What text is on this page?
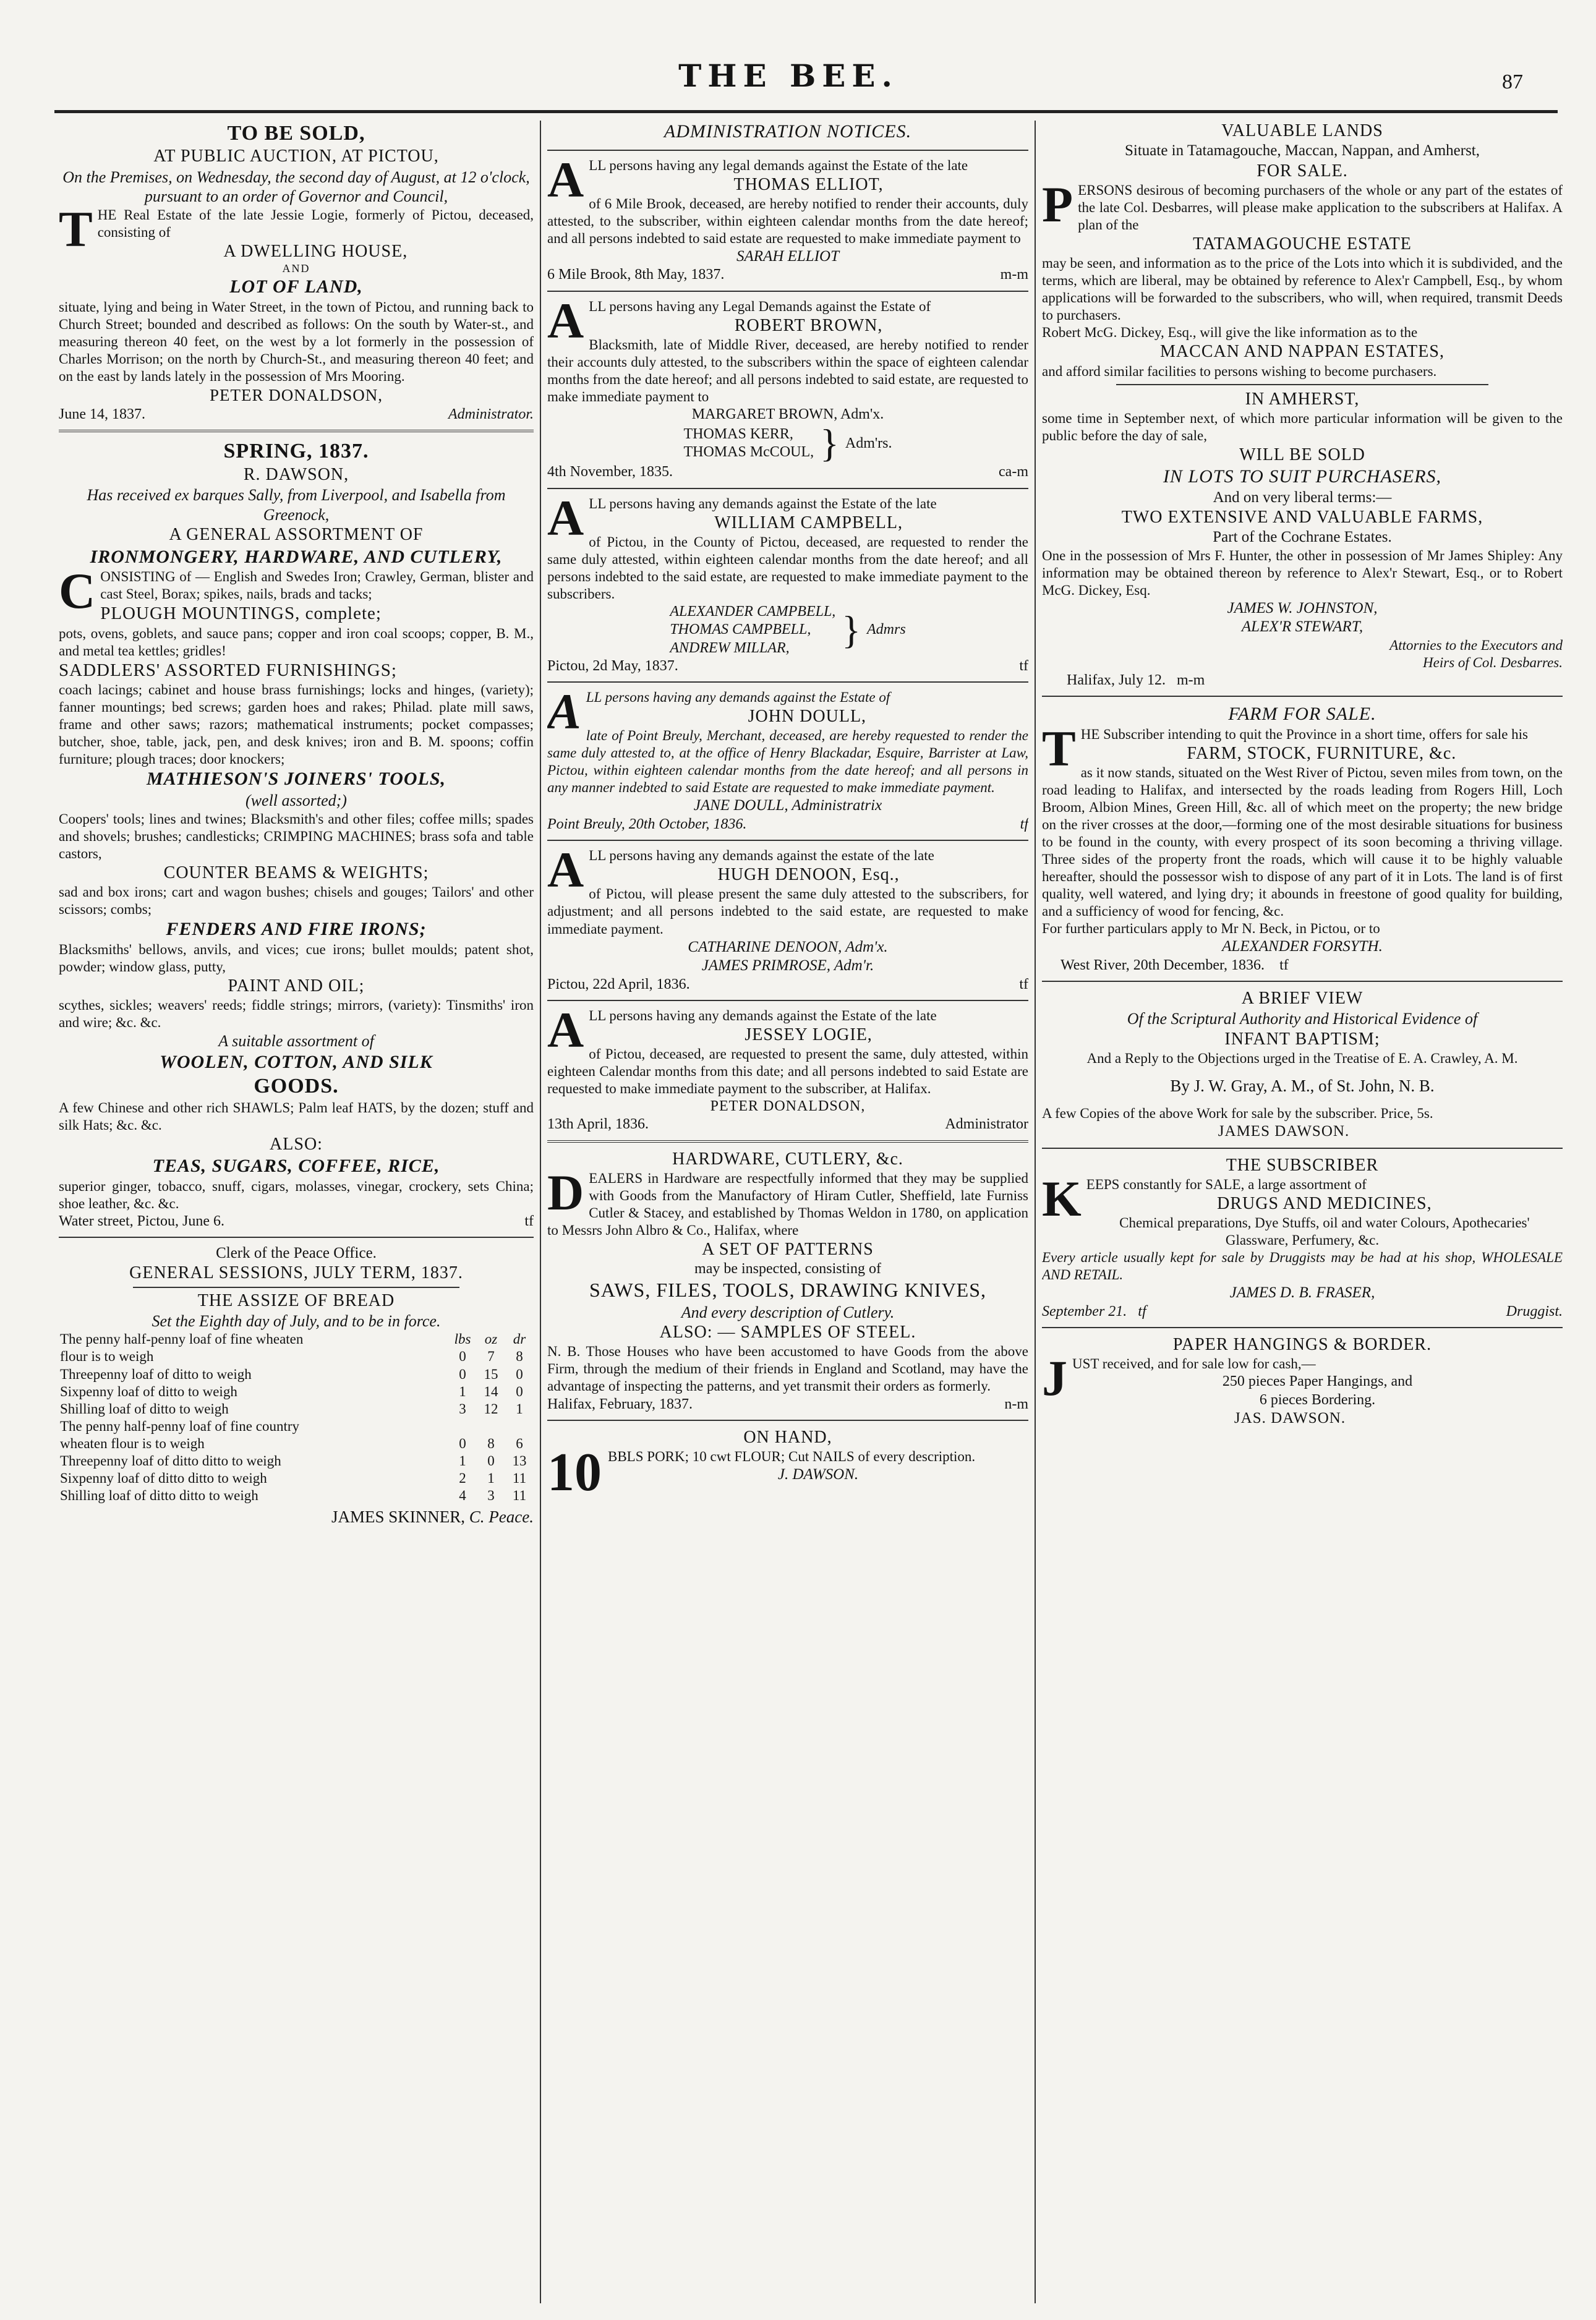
THE BEE.	87
TO BE SOLD,
AT PUBLIC AUCTION, AT PICTOU,
On the Premises, on Wednesday, the second day of August, at 12 o'clock, pursuant to an order of Governor and Council,
THE Real Estate of the late Jessie Logie, formerly of Pictou, deceased, consisting of
A DWELLING HOUSE,
AND
LOT OF LAND,
situate, lying and being in Water Street, in the town of Pictou, and running back to Church Street; bounded and described as follows: On the south by Water-st., and measuring thereon 40 feet, on the west by a lot formerly in the possession of Charles Morrison; on the north by Church-St., and measuring thereon 40 feet; and on the east by lands lately in the possession of Mrs Mooring.
PETER DONALDSON,
June 14, 1837.	Administrator.
SPRING, 1837.
R. DAWSON,
Has received ex barques Sally, from Liverpool, and Isabella from Greenock,
A GENERAL ASSORTMENT OF
IRONMONGERY, HARDWARE, AND CUTLERY,
CONSISTING of — English and Swedes Iron; Crawley, German, blister and cast Steel, Borax; spikes, nails, brads and tacks;
PLOUGH MOUNTINGS, complete;
pots, ovens, goblets, and sauce pans; copper and iron coal scoops; copper, B. M., and metal tea kettles; gridles!
SADDLERS' ASSORTED FURNISHINGS;
coach lacings; cabinet and house brass furnishings; locks and hinges, (variety); fanner mountings; bed screws; garden hoes and rakes; Philad. plate mill saws, frame and other saws; razors; mathematical instruments; pocket compasses; butcher, shoe, table, jack, pen, and desk knives; iron and B. M. spoons; coffin furniture; plough traces; door knockers;
MATHIESON'S JOINERS' TOOLS,
(well assorted;)
Coopers' tools; lines and twines; Blacksmith's and other files; coffee mills; spades and shovels; brushes; candlesticks; CRIMPING MACHINES; brass sofa and table castors,
COUNTER BEAMS & WEIGHTS;
sad and box irons; cart and wagon bushes; chisels and gouges; Tailors' and other scissors; combs;
FENDERS AND FIRE IRONS;
Blacksmiths' bellows, anvils, and vices; cue irons; bullet moulds; patent shot, powder; window glass, putty,
PAINT AND OIL;
scythes, sickles; weavers' reeds; fiddle strings; mirrors, (variety): Tinsmiths' iron and wire; &c. &c.
A suitable assortment of
WOOLEN, COTTON, AND SILK
GOODS.
A few Chinese and other rich SHAWLS; Palm leaf HATS, by the dozen; stuff and silk Hats; &c. &c.
ALSO:
TEAS, SUGARS, COFFEE, RICE,
superior ginger, tobacco, snuff, cigars, molasses, vinegar, crockery, sets China; shoe leather, &c. &c.
Water street, Pictou, June 6.	tf
Clerk of the Peace Office.
GENERAL SESSIONS, JULY TERM, 1837.
THE ASSIZE OF BREAD
Set the Eighth day of July, and to be in force.
The penny half-penny loaf of fine wheaten	lbs	oz	dr
flour is to weigh	0	7	8
Threepenny loaf of ditto to weigh	0	15	0
Sixpenny loaf of ditto to weigh	1	14	0
Shilling loaf of ditto to weigh	3	12	1
The penny half-penny loaf of fine country			
wheaten flour is to weigh	0	8	6
Threepenny loaf of ditto ditto to weigh	1	0	13
Sixpenny loaf of ditto ditto to weigh	2	1	11
Shilling loaf of ditto ditto to weigh	4	3	11
JAMES SKINNER, C. Peace.
ADMINISTRATION NOTICES.
ALL persons having any legal demands against the Estate of the late
THOMAS ELLIOT,
of 6 Mile Brook, deceased, are hereby notified to render their accounts, duly attested, to the subscriber, within eighteen calendar months from the date hereof; and all persons indebted to said estate are requested to make immediate payment to
SARAH ELLIOT
6 Mile Brook, 8th May, 1837.	m-m
ALL persons having any Legal Demands against the Estate of
ROBERT BROWN,
Blacksmith, late of Middle River, deceased, are hereby notified to render their accounts duly attested, to the subscribers within the space of eighteen calendar months from the date hereof; and all persons indebted to said estate, are requested to make immediate payment to
MARGARET BROWN, Adm'x.
THOMAS KERR,
THOMAS McCOUL, } Adm'rs.
4th November, 1835.	ca-m
ALL persons having any demands against the Estate of the late
WILLIAM CAMPBELL,
of Pictou, in the County of Pictou, deceased, are requested to render the same duly attested, within eighteen calendar months from the date hereof; and all persons indebted to the said estate, are requested to make immediate payment to the subscribers.
ALEXANDER CAMPBELL,
THOMAS CAMPBELL,
ANDREW MILLAR,	} Admrs
Pictou, 2d May, 1837.	tf
ALL persons having any demands against the Estate of
JOHN DOULL,
late of Point Breuly, Merchant, deceased, are hereby requested to render the same duly attested to, at the office of Henry Blackadar, Esquire, Barrister at Law, Pictou, within eighteen calendar months from the date hereof; and all persons in any manner indebted to said Estate are requested to make immediate payment.
JANE DOULL, Administratrix
Point Breuly, 20th October, 1836.	tf
ALL persons having any demands against the estate of the late
HUGH DENOON, Esq.,
of Pictou, will please present the same duly attested to the subscribers, for adjustment; and all persons indebted to the said estate, are requested to make immediate payment.
CATHARINE DENOON, Adm'x.
JAMES PRIMROSE, Adm'r.
Pictou, 22d April, 1836.	tf
ALL persons having any demands against the Estate of the late
JESSEY LOGIE,
of Pictou, deceased, are requested to present the same, duly attested, within eighteen Calendar months from this date; and all persons indebted to said Estate are requested to make immediate payment to the subscriber, at Halifax.
PETER DONALDSON,
13th April, 1836.	Administrator
HARDWARE, CUTLERY, &c.
DEALERS in Hardware are respectfully informed that they may be supplied with Goods from the Manufactory of Hiram Cutler, Sheffield, late Furniss Cutler & Stacey, and established by Thomas Weldon in 1780, on application to Messrs John Albro & Co., Halifax, where
A SET OF PATTERNS
may be inspected, consisting of
SAWS, FILES, TOOLS, DRAWING KNIVES,
And every description of Cutlery.
ALSO: — SAMPLES OF STEEL.
N. B. Those Houses who have been accustomed to have Goods from the above Firm, through the medium of their friends in England and Scotland, may have the advantage of inspecting the patterns, and yet transmit their orders as formerly.
Halifax, February, 1837.	n-m
ON HAND,
10 BBLS PORK; 10 cwt FLOUR; Cut NAILS of every description.
J. DAWSON.
VALUABLE LANDS
Situate in Tatamagouche, Maccan, Nappan, and Amherst,
FOR SALE.
PERSONS desirous of becoming purchasers of the whole or any part of the estates of the late Col. Desbarres, will please make application to the subscribers at Halifax. A plan of the
TATAMAGOUCHE ESTATE
may be seen, and information as to the price of the Lots into which it is subdivided, and the terms, which are liberal, may be obtained by reference to Alex'r Campbell, Esq., by whom applications will be forwarded to the subscribers, who will, when required, transmit Deeds to purchasers.
Robert McG. Dickey, Esq., will give the like information as to the
MACCAN AND NAPPAN ESTATES,
and afford similar facilities to persons wishing to become purchasers.
IN AMHERST,
some time in September next, of which more particular information will be given to the public before the day of sale,
WILL BE SOLD
IN LOTS TO SUIT PURCHASERS,
And on very liberal terms:—
TWO EXTENSIVE AND VALUABLE FARMS,
Part of the Cochrane Estates.
One in the possession of Mrs F. Hunter, the other in possession of Mr James Shipley: Any information may be obtained thereon by reference to Alex'r Stewart, Esq., or to Robert McG. Dickey, Esq.
JAMES W. JOHNSTON,
ALEX'R STEWART,
Attornies to the Executors and
Heirs of Col. Desbarres.
Halifax, July 12. m-m
FARM FOR SALE.
THE Subscriber intending to quit the Province in a short time, offers for sale his
FARM, STOCK, FURNITURE, &c.
as it now stands, situated on the West River of Pictou, seven miles from town, on the road leading to Halifax, and intersected by the roads leading from Rogers Hill, Loch Broom, Albion Mines, Green Hill, &c. all of which meet on the property; the new bridge on the river crosses at the door,—forming one of the most desirable situations for business to be found in the county, with every prospect of its soon becoming a thriving village. Three sides of the property front the roads, which will cause it to be highly valuable hereafter, should the possessor wish to dispose of any part of it in Lots. The land is of first quality, well watered, and lying dry; it abounds in freestone of good quality for building, and a sufficiency of wood for fencing, &c.
For further particulars apply to Mr N. Beck, in Pictou, or to
ALEXANDER FORSYTH.
West River, 20th December, 1836. tf
A BRIEF VIEW
Of the Scriptural Authority and Historical Evidence of
INFANT BAPTISM;
And a Reply to the Objections urged in the Treatise of E. A. Crawley, A. M.
By J. W. Gray, A. M., of St. John, N. B.
A few Copies of the above Work for sale by the subscriber. Price, 5s.
JAMES DAWSON.
THE SUBSCRIBER
KEEPS constantly for SALE, a large assortment of
DRUGS AND MEDICINES,
Chemical preparations, Dye Stuffs, oil and water Colours, Apothecaries' Glassware, Perfumery, &c.
Every article usually kept for sale by Druggists may be had at his shop, WHOLESALE AND RETAIL.
JAMES D. B. FRASER,
September 21. tf	Druggist.
PAPER HANGINGS & BORDER.
JUST received, and for sale low for cash,—
250 pieces Paper Hangings, and
6 pieces Bordering.
JAS. DAWSON.
